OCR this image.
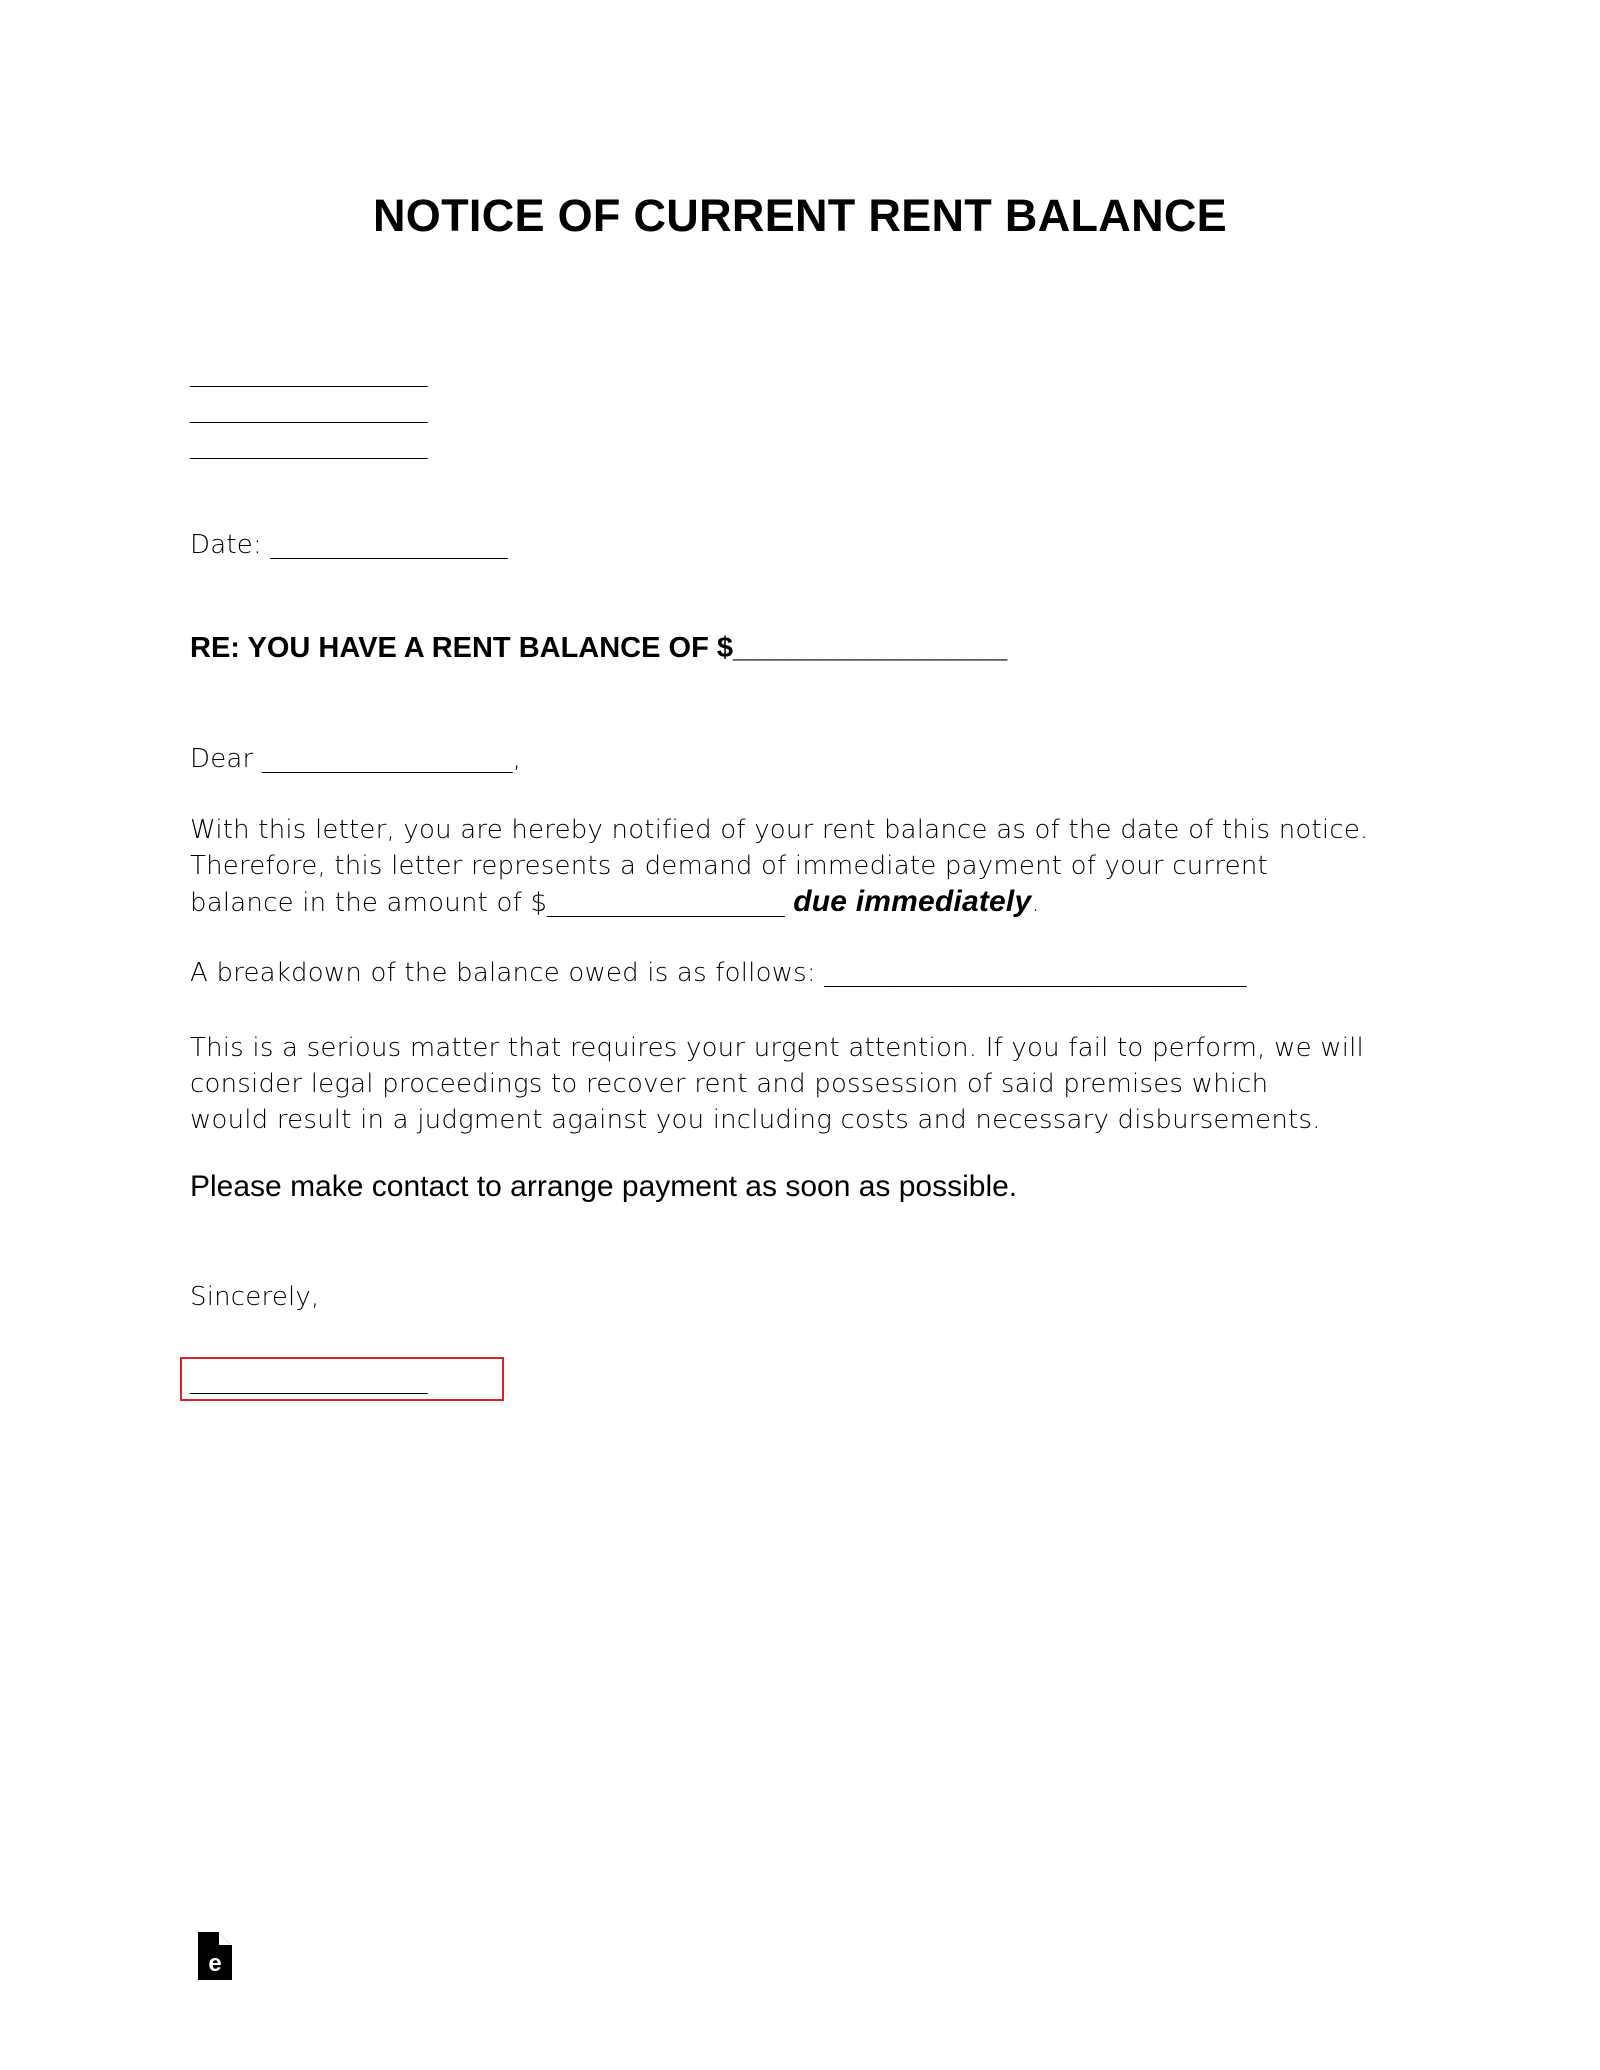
NOTICE OF CURRENT RENT BALANCE
__________________
__________________
__________________
Date: __________________
RE: YOU HAVE A RENT BALANCE OF $_________________
Dear ___________________,
With this letter, you are hereby notified of your rent balance as of the date of this notice.
Therefore, this letter represents a demand of immediate payment of your current
balance in the amount of $__________________ due immediately.
A breakdown of the balance owed is as follows: ________________________________
This is a serious matter that requires your urgent attention. If you fail to perform, we will
consider legal proceedings to recover rent and possession of said premises which
would result in a judgment against you including costs and necessary disbursements.
Please make contact to arrange payment as soon as possible.
Sincerely,
__________________
e
